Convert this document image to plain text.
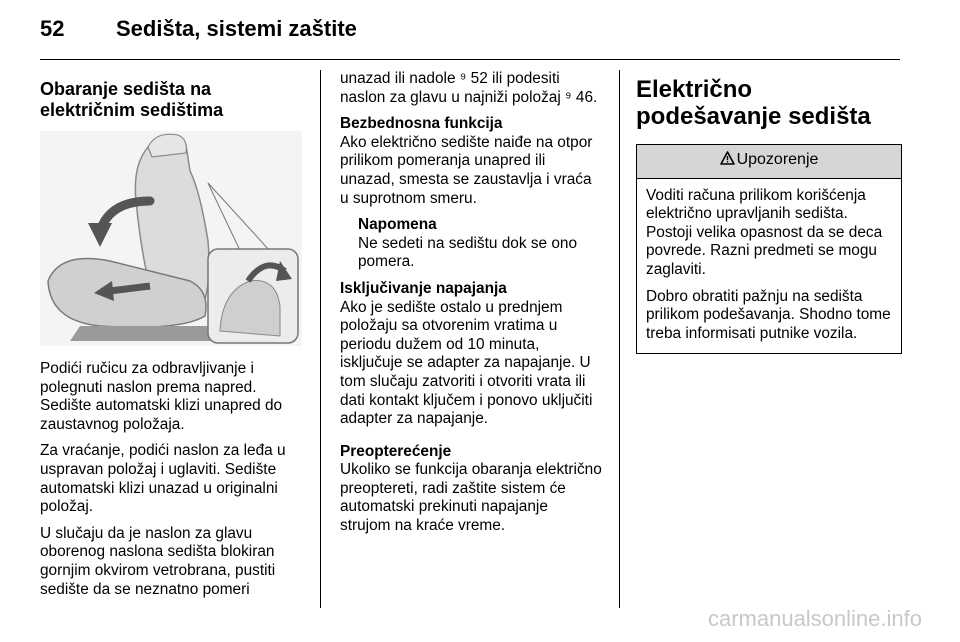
52 Sedišta, sistemi zaštite
Obaranje sedišta na električnim sedištima

Podići ručicu za odbravljivanje i polegnuti naslon prema napred. Sedište automatski klizi unapred do zaustavnog položaja.

Za vraćanje, podići naslon za leđa u uspravan položaj i uglaviti. Sedište automatski klizi unazad u originalni položaj.

U slučaju da je naslon za glavu oborenog naslona sedišta blokiran gornjim okvirom vetrobrana, pustiti sedište da se neznatno pomeri

unazad ili nadole ⁹ 52 ili podesiti naslon za glavu u najniži položaj ⁹ 46.

Bezbednosna funkcija

Ako električno sedište naiđe na otpor prilikom pomeranja unapred ili unazad, smesta se zaustavlja i vraća u suprotnom smeru.

Napomena

Ne sedeti na sedištu dok se ono pomera.

Isključivanje napajanja

Ako je sedište ostalo u prednjem položaju sa otvorenim vratima u periodu dužem od 10 minuta, isključuje se adapter za napajanje. U tom slučaju zatvoriti i otvoriti vrata ili dati kontakt ključem i ponovo uključiti adapter za napajanje.

Preopterećenje

Ukoliko se funkcija obaranja električno preoptereti, radi zaštite sistem će automatski prekinuti napajanje strujom na kraće vreme.

Električno podešavanje sedišta
Upozorenje

Voditi računa prilikom korišćenja električno upravljanih sedišta. Postoji velika opasnost da se deca povrede. Razni predmeti se mogu zaglaviti.

Dobro obratiti pažnju na sedišta prilikom podešavanja. Shodno tome treba informisati putnike vozila.

carmanualsonline.info
